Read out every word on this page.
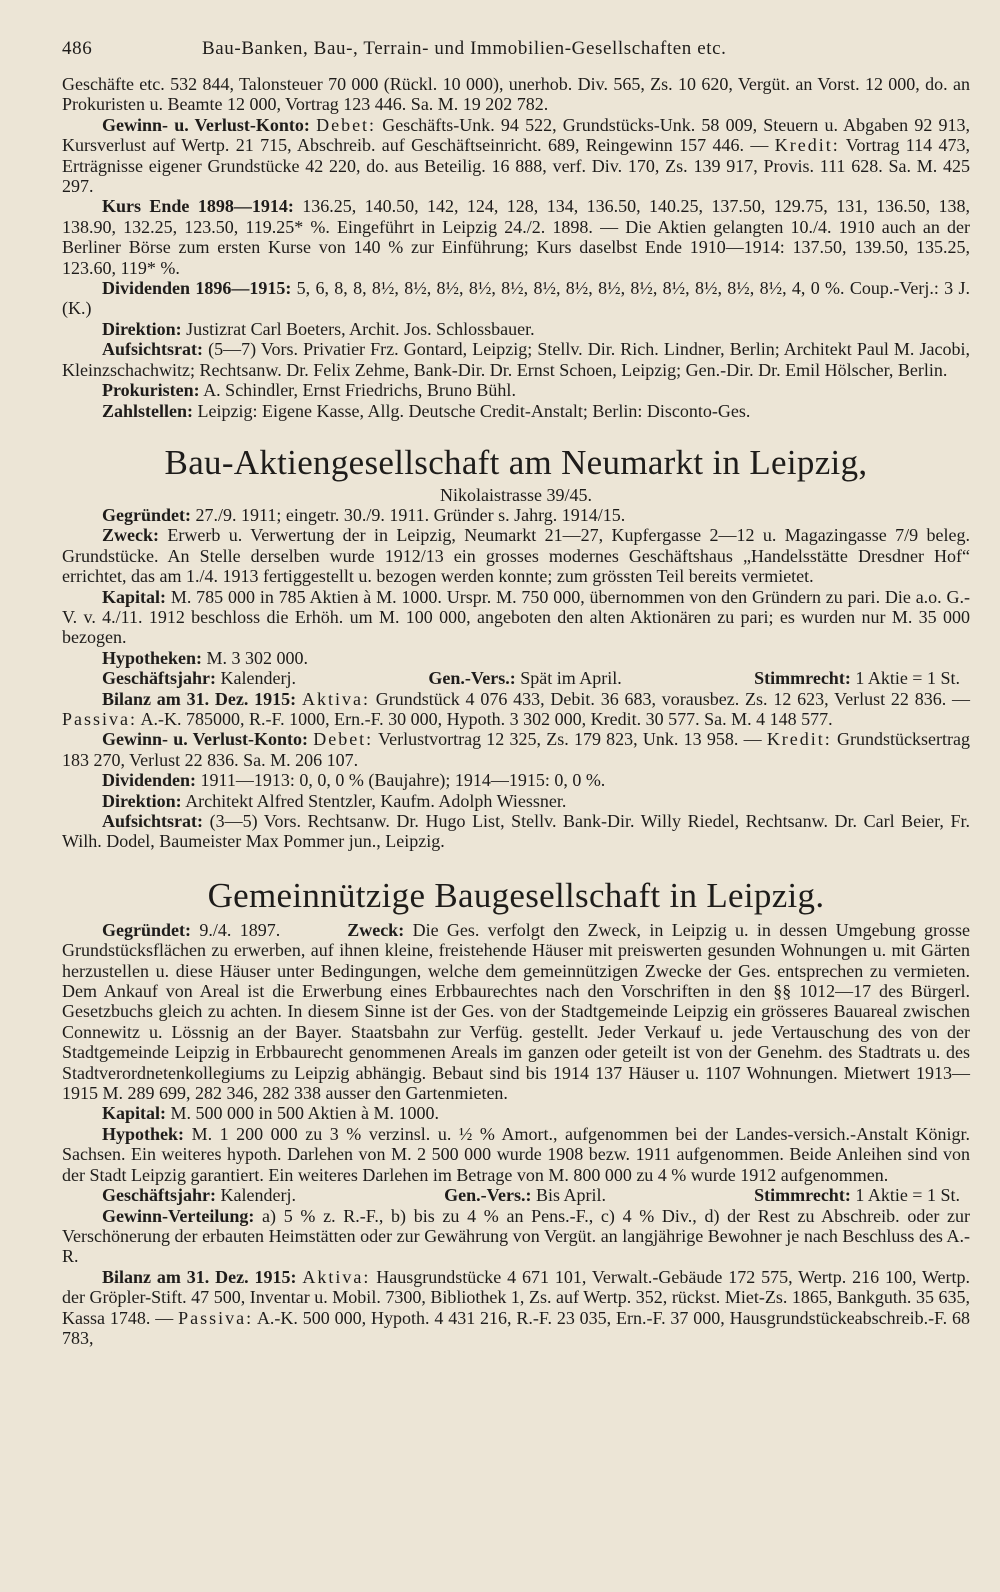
486	Bau-Banken, Bau-, Terrain- und Immobilien-Gesellschaften etc.

Geschäfte etc. 532 844, Talonsteuer 70 000 (Rückl. 10 000), unerhob. Div. 565, Zs. 10 620, Vergüt. an Vorst. 12 000, do. an Prokuristen u. Beamte 12 000, Vortrag 123 446. Sa. M. 19 202 782.

Gewinn- u. Verlust-Konto: Debet: Geschäfts-Unk. 94 522, Grundstücks-Unk. 58 009, Steuern u. Abgaben 92 913, Kursverlust auf Wertp. 21 715, Abschreib. auf Geschäftseinricht. 689, Reingewinn 157 446. — Kredit: Vortrag 114 473, Erträgnisse eigener Grundstücke 42 220, do. aus Beteilig. 16 888, verf. Div. 170, Zs. 139 917, Provis. 111 628. Sa. M. 425 297.

Kurs Ende 1898—1914: 136.25, 140.50, 142, 124, 128, 134, 136.50, 140.25, 137.50, 129.75, 131, 136.50, 138, 138.90, 132.25, 123.50, 119.25* %. Eingeführt in Leipzig 24./2. 1898. — Die Aktien gelangten 10./4. 1910 auch an der Berliner Börse zum ersten Kurse von 140 % zur Einführung; Kurs daselbst Ende 1910—1914: 137.50, 139.50, 135.25, 123.60, 119* %.

Dividenden 1896—1915: 5, 6, 8, 8, 8½, 8½, 8½, 8½, 8½, 8½, 8½, 8½, 8½, 8½, 8½, 8½, 8½, 4, 0 %. Coup.-Verj.: 3 J. (K.)

Direktion: Justizrat Carl Boeters, Archit. Jos. Schlossbauer.

Aufsichtsrat: (5—7) Vors. Privatier Frz. Gontard, Leipzig; Stellv. Dir. Rich. Lindner, Berlin; Architekt Paul M. Jacobi, Kleinzschachwitz; Rechtsanw. Dr. Felix Zehme, Bank-Dir. Dr. Ernst Schoen, Leipzig; Gen.-Dir. Dr. Emil Hölscher, Berlin.

Prokuristen: A. Schindler, Ernst Friedrichs, Bruno Bühl.

Zahlstellen: Leipzig: Eigene Kasse, Allg. Deutsche Credit-Anstalt; Berlin: Disconto-Ges.

Bau-Aktiengesellschaft am Neumarkt in Leipzig,
Nikolaistrasse 39/45.

Gegründet: 27./9. 1911; eingetr. 30./9. 1911. Gründer s. Jahrg. 1914/15.

Zweck: Erwerb u. Verwertung der in Leipzig, Neumarkt 21—27, Kupfergasse 2—12 u. Magazingasse 7/9 beleg. Grundstücke. An Stelle derselben wurde 1912/13 ein grosses modernes Geschäftshaus „Handelsstätte Dresdner Hof“ errichtet, das am 1./4. 1913 fertiggestellt u. bezogen werden konnte; zum grössten Teil bereits vermietet.

Kapital: M. 785 000 in 785 Aktien à M. 1000. Urspr. M. 750 000, übernommen von den Gründern zu pari. Die a.o. G.-V. v. 4./11. 1912 beschloss die Erhöh. um M. 100 000, angeboten den alten Aktionären zu pari; es wurden nur M. 35 000 bezogen.

Hypotheken: M. 3 302 000.

Geschäftsjahr: Kalenderj.	Gen.-Vers.: Spät im April.	Stimmrecht: 1 Aktie = 1 St.

Bilanz am 31. Dez. 1915: Aktiva: Grundstück 4 076 433, Debit. 36 683, vorausbez. Zs. 12 623, Verlust 22 836. — Passiva: A.-K. 785000, R.-F. 1000, Ern.-F. 30 000, Hypoth. 3 302 000, Kredit. 30 577. Sa. M. 4 148 577.

Gewinn- u. Verlust-Konto: Debet: Verlustvortrag 12 325, Zs. 179 823, Unk. 13 958. — Kredit: Grundstücksertrag 183 270, Verlust 22 836. Sa. M. 206 107.

Dividenden: 1911—1913: 0, 0, 0 % (Baujahre); 1914—1915: 0, 0 %.

Direktion: Architekt Alfred Stentzler, Kaufm. Adolph Wiessner.

Aufsichtsrat: (3—5) Vors. Rechtsanw. Dr. Hugo List, Stellv. Bank-Dir. Willy Riedel, Rechtsanw. Dr. Carl Beier, Fr. Wilh. Dodel, Baumeister Max Pommer jun., Leipzig.

Gemeinnützige Baugesellschaft in Leipzig.

Gegründet: 9./4. 1897.	Zweck: Die Ges. verfolgt den Zweck, in Leipzig u. in dessen Umgebung grosse Grundstücksflächen zu erwerben, auf ihnen kleine, freistehende Häuser mit preiswerten gesunden Wohnungen u. mit Gärten herzustellen u. diese Häuser unter Bedingungen, welche dem gemeinnützigen Zwecke der Ges. entsprechen zu vermieten. Dem Ankauf von Areal ist die Erwerbung eines Erbbaurechtes nach den Vorschriften in den §§ 1012—17 des Bürgerl. Gesetzbuchs gleich zu achten. In diesem Sinne ist der Ges. von der Stadtgemeinde Leipzig ein grösseres Bauareal zwischen Connewitz u. Lössnig an der Bayer. Staatsbahn zur Verfüg. gestellt. Jeder Verkauf u. jede Vertauschung des von der Stadtgemeinde Leipzig in Erbbaurecht genommenen Areals im ganzen oder geteilt ist von der Genehm. des Stadtrats u. des Stadtverordnetenkollegiums zu Leipzig abhängig. Bebaut sind bis 1914 137 Häuser u. 1107 Wohnungen. Mietwert 1913—1915 M. 289 699, 282 346, 282 338 ausser den Gartenmieten.

Kapital: M. 500 000 in 500 Aktien à M. 1000.

Hypothek: M. 1 200 000 zu 3 % verzinsl. u. ½ % Amort., aufgenommen bei der Landes-versich.-Anstalt Königr. Sachsen. Ein weiteres hypoth. Darlehen von M. 2 500 000 wurde 1908 bezw. 1911 aufgenommen. Beide Anleihen sind von der Stadt Leipzig garantiert. Ein weiteres Darlehen im Betrage von M. 800 000 zu 4 % wurde 1912 aufgenommen.

Geschäftsjahr: Kalenderj.	Gen.-Vers.: Bis April.	Stimmrecht: 1 Aktie = 1 St.

Gewinn-Verteilung: a) 5 % z. R.-F., b) bis zu 4 % an Pens.-F., c) 4 % Div., d) der Rest zu Abschreib. oder zur Verschönerung der erbauten Heimstätten oder zur Gewährung von Vergüt. an langjährige Bewohner je nach Beschluss des A.-R.

Bilanz am 31. Dez. 1915: Aktiva: Hausgrundstücke 4 671 101, Verwalt.-Gebäude 172 575, Wertp. 216 100, Wertp. der Gröpler-Stift. 47 500, Inventar u. Mobil. 7300, Bibliothek 1, Zs. auf Wertp. 352, rückst. Miet-Zs. 1865, Bankguth. 35 635, Kassa 1748. — Passiva: A.-K. 500 000, Hypoth. 4 431 216, R.-F. 23 035, Ern.-F. 37 000, Hausgrundstückeabschreib.-F. 68 783,
